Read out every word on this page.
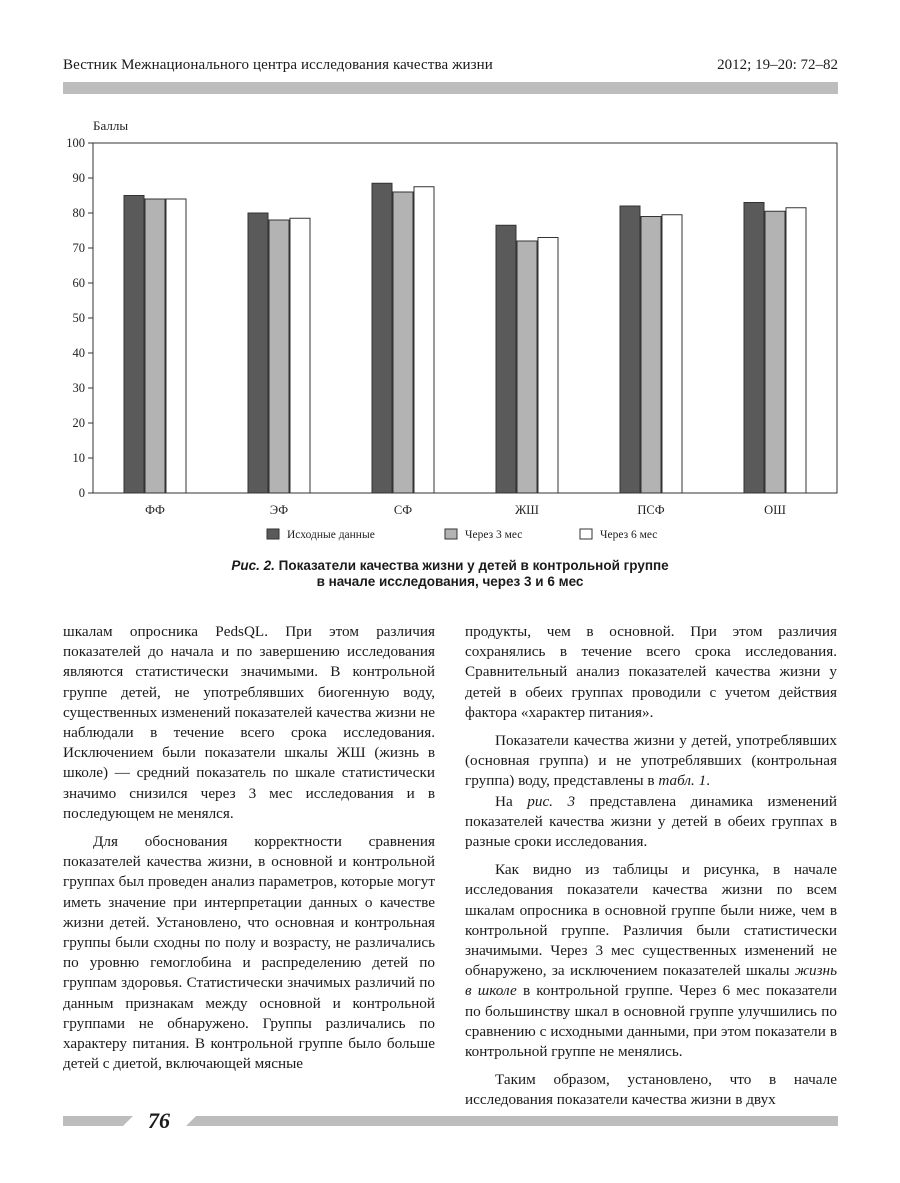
Вестник Межнационального центра исследования качества жизни	2012; 19–20: 72–82
Баллы
0
10
20
30
40
50
60
70
80
90
100
ФФ	ЭФ	СФ	ЖШ	ПСФ	ОШ
Исходные данные	Через 3 мес	Через 6 мес
Рис. 2. Показатели качества жизни у детей в контрольной группе
в начале исследования, через 3 и 6 мес

шкалам опросника PedsQL. При этом различия показателей до начала и по завершению исследования являются статистически значимыми. В контрольной группе детей, не употреблявших биогенную воду, существенных изменений показателей качества жизни не наблюдали в течение всего срока исследования. Исключением были показатели шкалы ЖШ (жизнь в школе) — средний показатель по шкале статистически значимо снизился через 3 мес исследования и в последующем не менялся.

Для обоснования корректности сравнения показателей качества жизни, в основной и контрольной группах был проведен анализ параметров, которые могут иметь значение при интерпретации данных о качестве жизни детей. Установлено, что основная и контрольная группы были сходны по полу и возрасту, не различались по уровню гемоглобина и распределению детей по группам здоровья. Статистически значимых различий по данным признакам между основной и контрольной группами не обнаружено. Группы различались по характеру питания. В контрольной группе было больше детей с диетой, включающей мясные

продукты, чем в основной. При этом различия сохранялись в течение всего срока исследования. Сравнительный анализ показателей качества жизни у детей в обеих группах проводили с учетом действия фактора «характер питания».

Показатели качества жизни у детей, употреблявших (основная группа) и не употреблявших (контрольная группа) воду, представлены в табл. 1.

На рис. 3 представлена динамика изменений показателей качества жизни у детей в обеих группах в разные сроки исследования.

Как видно из таблицы и рисунка, в начале исследования показатели качества жизни по всем шкалам опросника в основной группе были ниже, чем в контрольной группе. Различия были статистически значимыми. Через 3 мес существенных изменений не обнаружено, за исключением показателей шкалы жизнь в школе в контрольной группе. Через 6 мес показатели по большинству шкал в основной группе улучшились по сравнению с исходными данными, при этом показатели в контрольной группе не менялись.

Таким образом, установлено, что в начале исследования показатели качества жизни в двух

76
